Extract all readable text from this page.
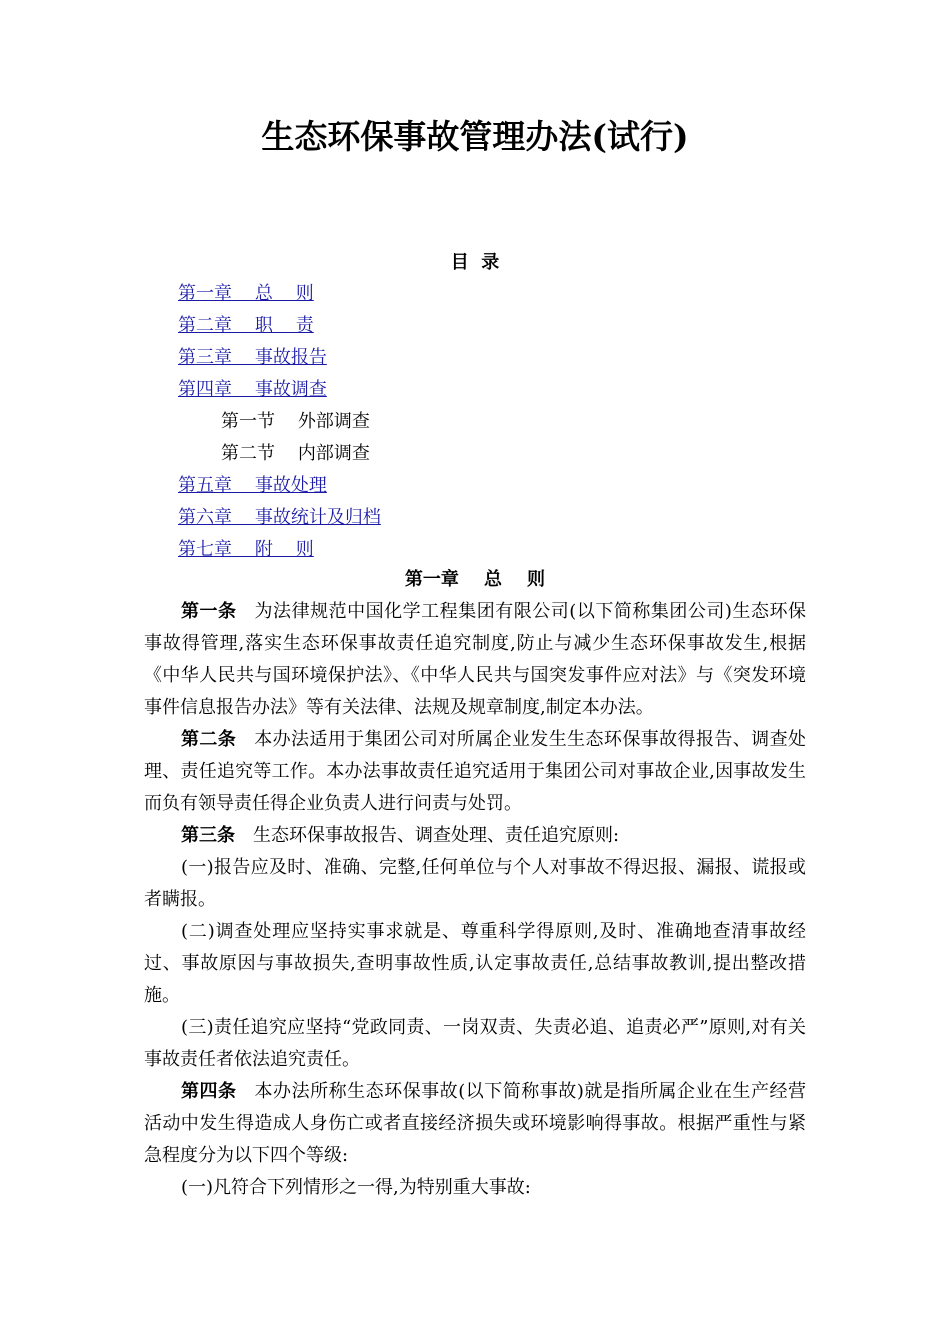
生态环保事故管理办法(试行)
目  录
第一章    总    则
第二章    职    责
第三章    事故报告
第四章    事故调查
第一节    外部调查
第二节    内部调查
第五章    事故处理
第六章    事故统计及归档
第七章    附    则
第一章    总    则

第一条 为法律规范中国化学工程集团有限公司(以下简称集团公司)生态环保事故得管理,落实生态环保事故责任追究制度,防止与减少生态环保事故发生,根据《中华人民共与国环境保护法》、《中华人民共与国突发事件应对法》与《突发环境事件信息报告办法》等有关法律、法规及规章制度,制定本办法。

第二条 本办法适用于集团公司对所属企业发生生态环保事故得报告、调查处理、责任追究等工作。本办法事故责任追究适用于集团公司对事故企业,因事故发生而负有领导责任得企业负责人进行问责与处罚。

第三条 生态环保事故报告、调查处理、责任追究原则:

(一)报告应及时、准确、完整,任何单位与个人对事故不得迟报、漏报、谎报或者瞒报。

(二)调查处理应坚持实事求就是、尊重科学得原则,及时、准确地查清事故经过、事故原因与事故损失,查明事故性质,认定事故责任,总结事故教训,提出整改措施。

(三)责任追究应坚持“党政同责、一岗双责、失责必追、追责必严”原则,对有关事故责任者依法追究责任。

第四条 本办法所称生态环保事故(以下简称事故)就是指所属企业在生产经营活动中发生得造成人身伤亡或者直接经济损失或环境影响得事故。根据严重性与紧急程度分为以下四个等级:

(一)凡符合下列情形之一得,为特别重大事故:
